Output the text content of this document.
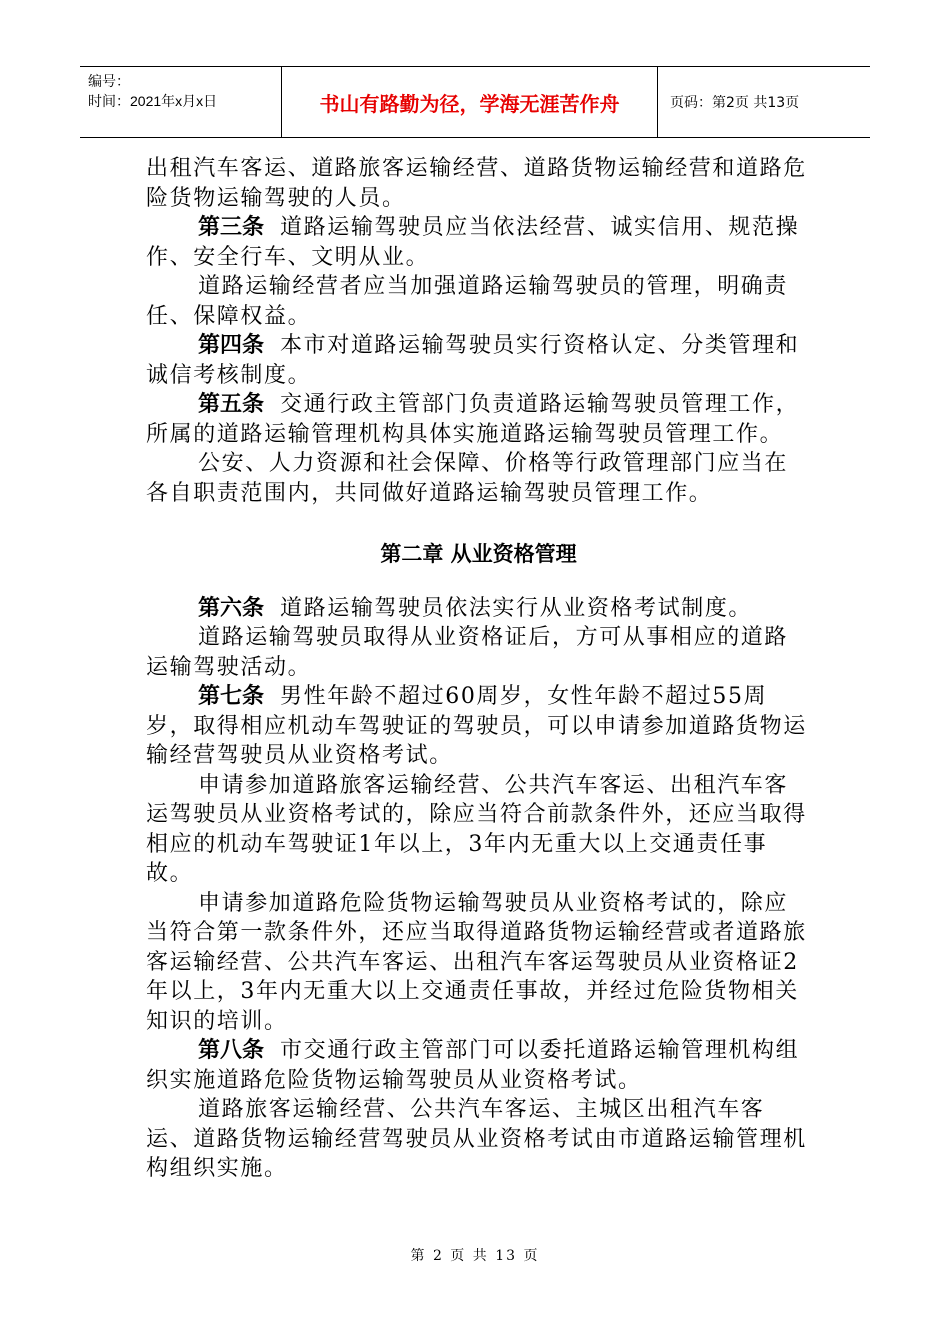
编号：
时间：2021年x月x日	书山有路勤为径，学海无涯苦作舟	页码：第2页 共13页

出租汽车客运、道路旅客运输经营、道路货物运输经营和道路危险货物运输驾驶的人员。

第三条 道路运输驾驶员应当依法经营、诚实信用、规范操作、安全行车、文明从业。

道路运输经营者应当加强道路运输驾驶员的管理，明确责任、保障权益。

第四条 本市对道路运输驾驶员实行资格认定、分类管理和诚信考核制度。

第五条 交通行政主管部门负责道路运输驾驶员管理工作，所属的道路运输管理机构具体实施道路运输驾驶员管理工作。

公安、人力资源和社会保障、价格等行政管理部门应当在各自职责范围内，共同做好道路运输驾驶员管理工作。

第二章 从业资格管理

第六条 道路运输驾驶员依法实行从业资格考试制度。

道路运输驾驶员取得从业资格证后，方可从事相应的道路运输驾驶活动。

第七条 男性年龄不超过60周岁，女性年龄不超过55周岁，取得相应机动车驾驶证的驾驶员，可以申请参加道路货物运输经营驾驶员从业资格考试。

申请参加道路旅客运输经营、公共汽车客运、出租汽车客运驾驶员从业资格考试的，除应当符合前款条件外，还应当取得相应的机动车驾驶证1年以上，3年内无重大以上交通责任事故。

申请参加道路危险货物运输驾驶员从业资格考试的，除应当符合第一款条件外，还应当取得道路货物运输经营或者道路旅客运输经营、公共汽车客运、出租汽车客运驾驶员从业资格证2年以上，3年内无重大以上交通责任事故，并经过危险货物相关知识的培训。

第八条 市交通行政主管部门可以委托道路运输管理机构组织实施道路危险货物运输驾驶员从业资格考试。

道路旅客运输经营、公共汽车客运、主城区出租汽车客运、道路货物运输经营驾驶员从业资格考试由市道路运输管理机构组织实施。

第 2 页 共 13 页
